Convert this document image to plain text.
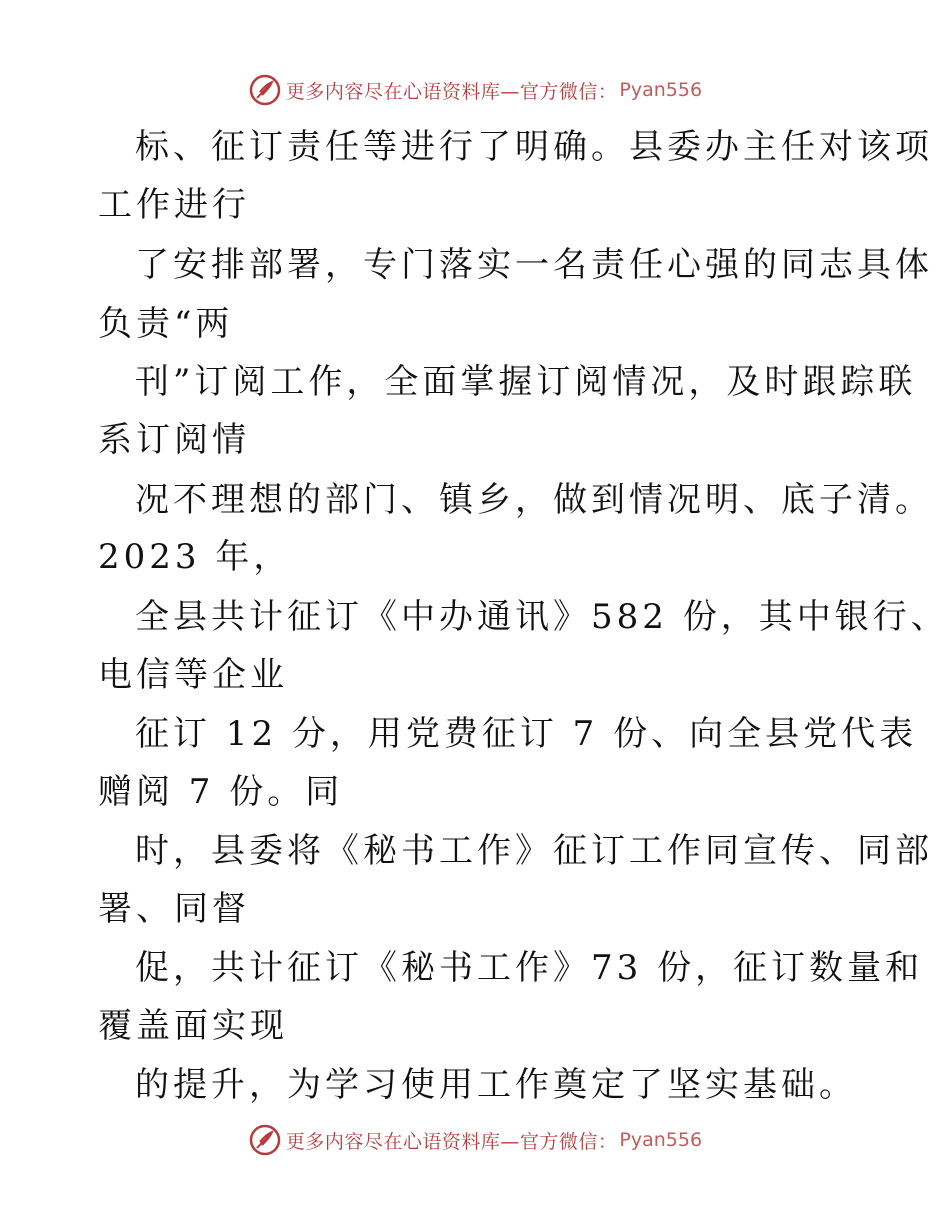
更多内容尽在心语资料库—官方微信： Pyan556
标、征订责任等进行了明确。县委办主任对该项
工作进行
了安排部署，专门落实一名责任心强的同志具体
负责“两
刊”订阅工作，全面掌握订阅情况，及时跟踪联
系订阅情
况不理想的部门、镇乡，做到情况明、底子清。
2023 年，
全县共计征订《中办通讯》582 份，其中银行、
电信等企业
征订 12 分，用党费征订 7 份、向全县党代表
赠阅 7 份。同
时，县委将《秘书工作》征订工作同宣传、同部
署、同督
促，共计征订《秘书工作》73 份，征订数量和
覆盖面实现
的提升，为学习使用工作奠定了坚实基础。
更多内容尽在心语资料库—官方微信： Pyan556
